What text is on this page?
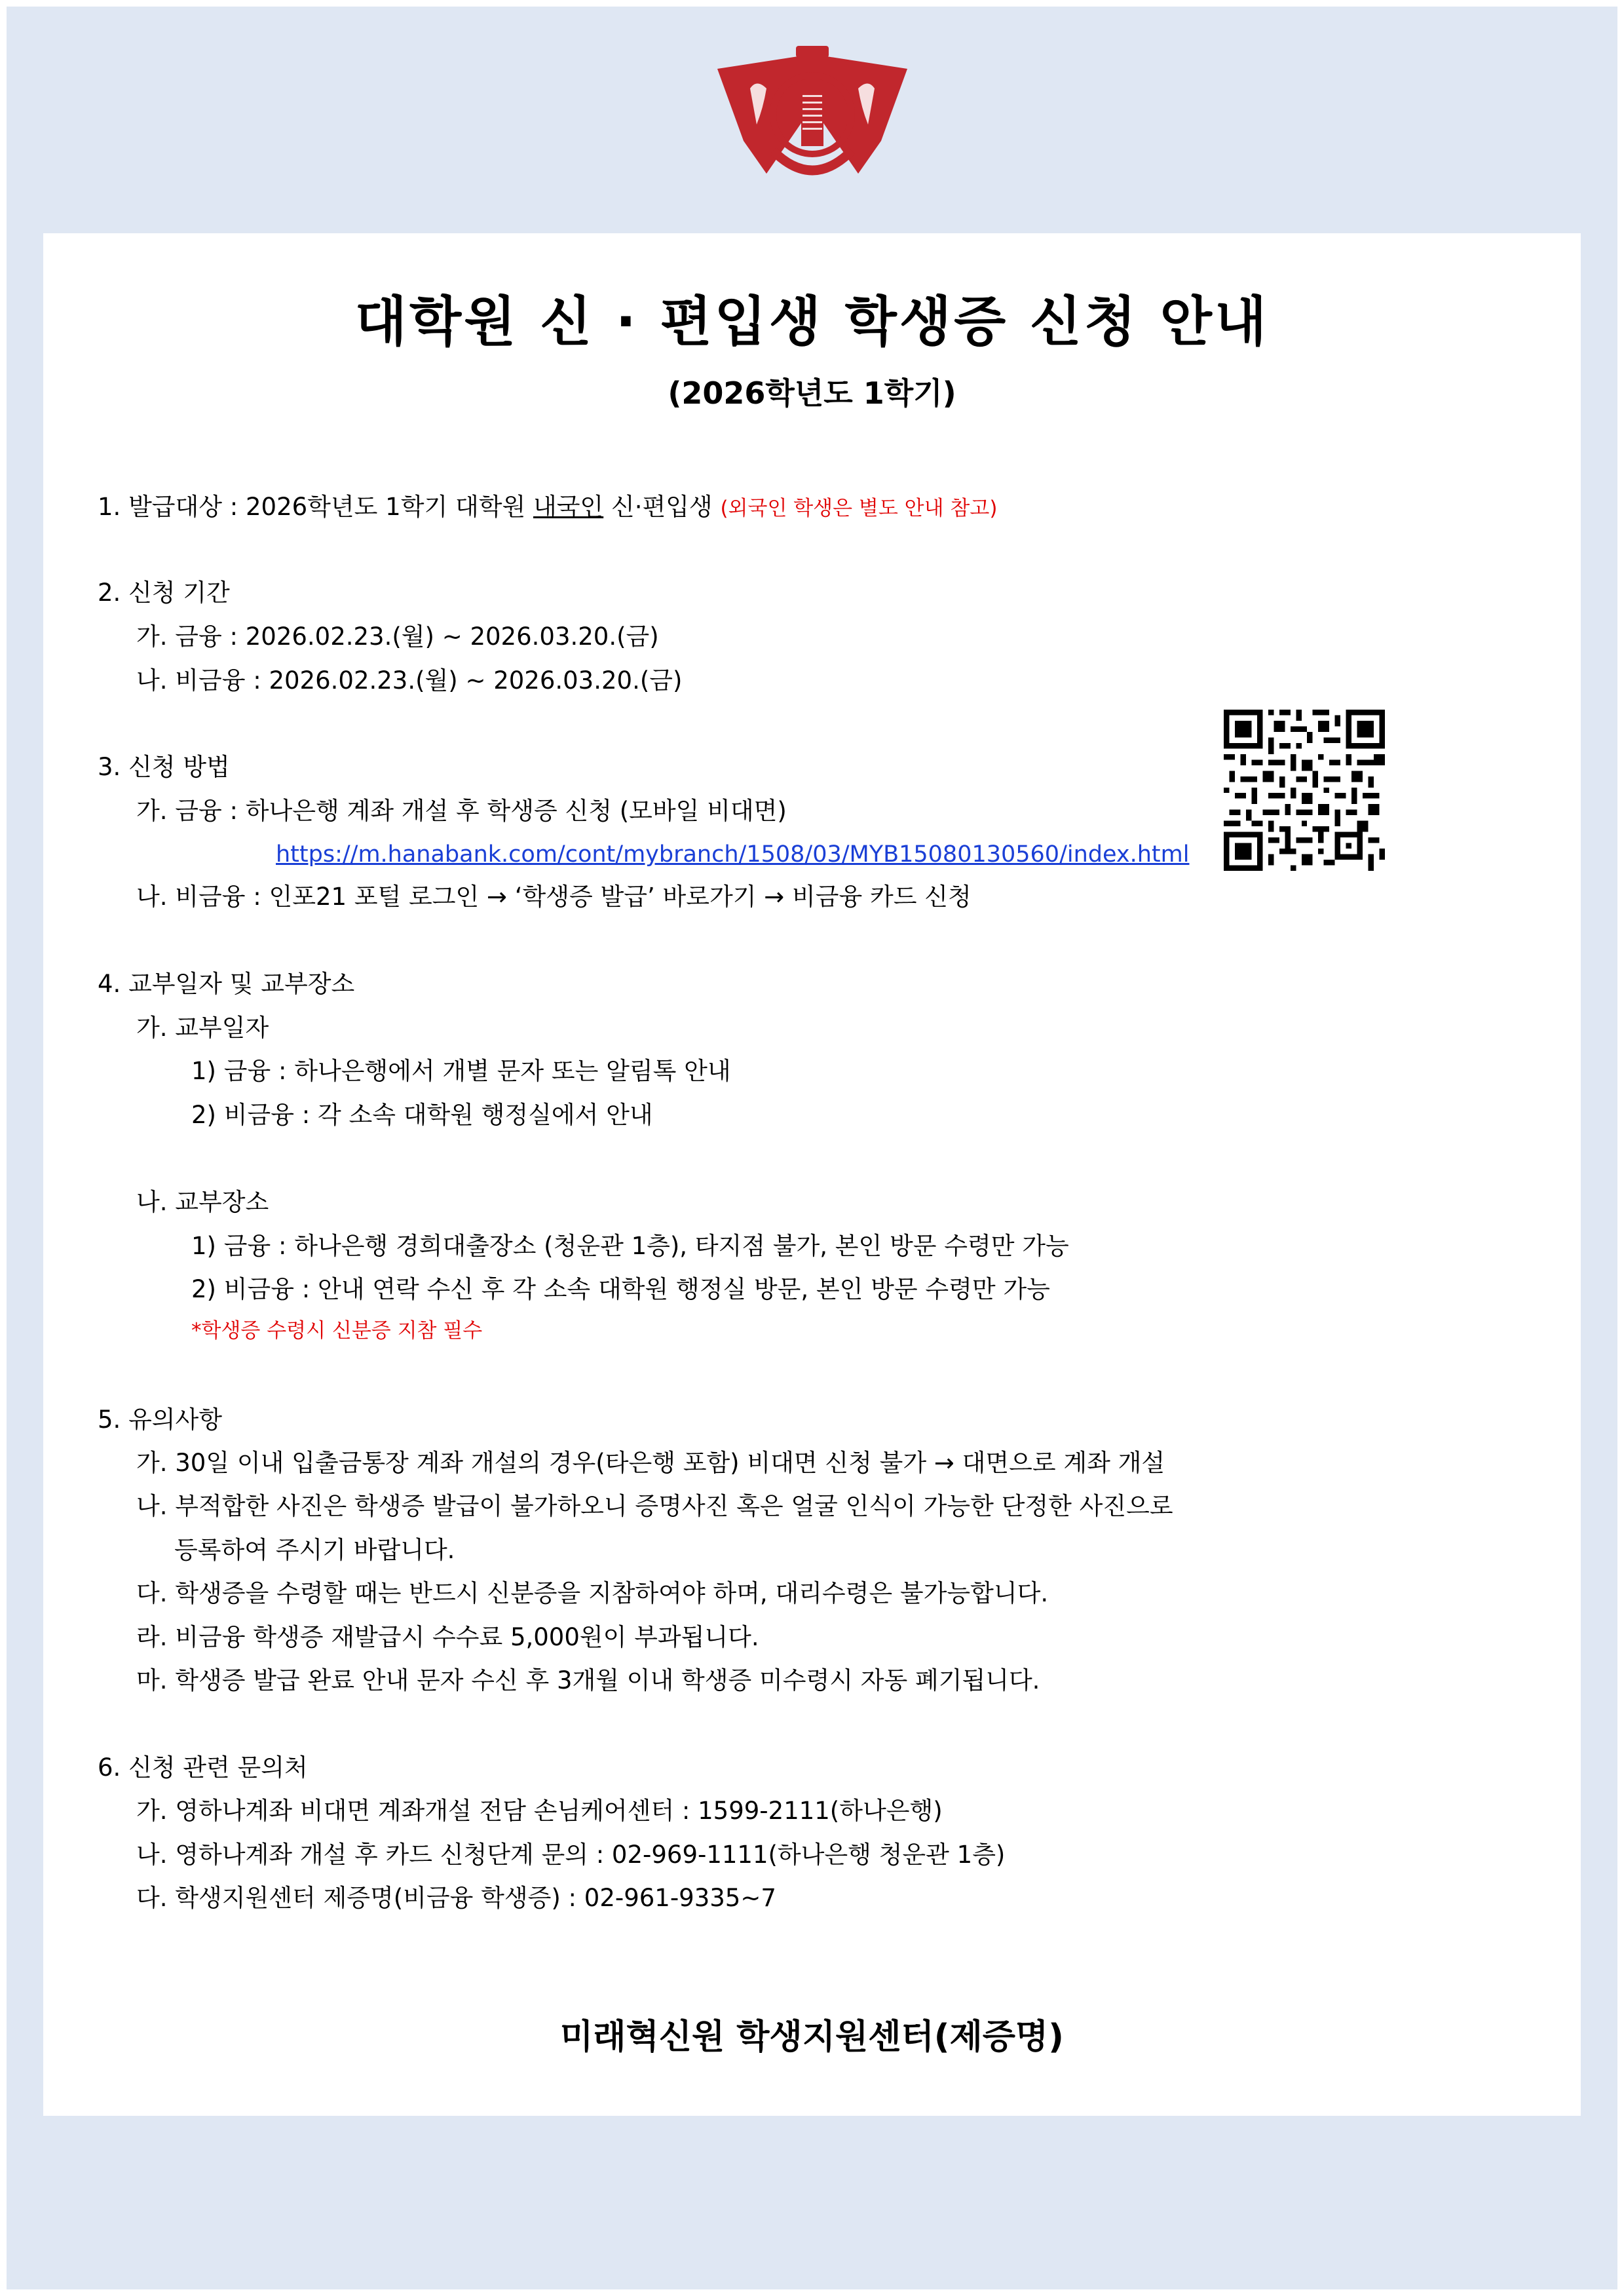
대학원 신 · 편입생 학생증 신청 안내
(2026학년도 1학기)
1. 발급대상 : 2026학년도 1학기 대학원 내국인 신·편입생 (외국인 학생은 별도 안내 참고)
2. 신청 기간
가. 금융 : 2026.02.23.(월) ~ 2026.03.20.(금)
나. 비금융 : 2026.02.23.(월) ~ 2026.03.20.(금)
3. 신청 방법
가. 금융 : 하나은행 계좌 개설 후 학생증 신청 (모바일 비대면)
https://m.hanabank.com/cont/mybranch/1508/03/MYB15080130560/index.html
나. 비금융 : 인포21 포털 로그인 → ‘학생증 발급’ 바로가기 → 비금융 카드 신청
4. 교부일자 및 교부장소
가. 교부일자
1) 금융 : 하나은행에서 개별 문자 또는 알림톡 안내
2) 비금융 : 각 소속 대학원 행정실에서 안내
나. 교부장소
1) 금융 : 하나은행 경희대출장소 (청운관 1층), 타지점 불가, 본인 방문 수령만 가능
2) 비금융 : 안내 연락 수신 후 각 소속 대학원 행정실 방문, 본인 방문 수령만 가능
*학생증 수령시 신분증 지참 필수
5. 유의사항
가. 30일 이내 입출금통장 계좌 개설의 경우(타은행 포함) 비대면 신청 불가 → 대면으로 계좌 개설
나. 부적합한 사진은 학생증 발급이 불가하오니 증명사진 혹은 얼굴 인식이 가능한 단정한 사진으로
등록하여 주시기 바랍니다.
다. 학생증을 수령할 때는 반드시 신분증을 지참하여야 하며, 대리수령은 불가능합니다.
라. 비금융 학생증 재발급시 수수료 5,000원이 부과됩니다.
마. 학생증 발급 완료 안내 문자 수신 후 3개월 이내 학생증 미수령시 자동 폐기됩니다.
6. 신청 관련 문의처
가. 영하나계좌 비대면 계좌개설 전담 손님케어센터 : 1599-2111(하나은행)
나. 영하나계좌 개설 후 카드 신청단계 문의 : 02-969-1111(하나은행 청운관 1층)
다. 학생지원센터 제증명(비금융 학생증) : 02-961-9335~7
미래혁신원 학생지원센터(제증명)
